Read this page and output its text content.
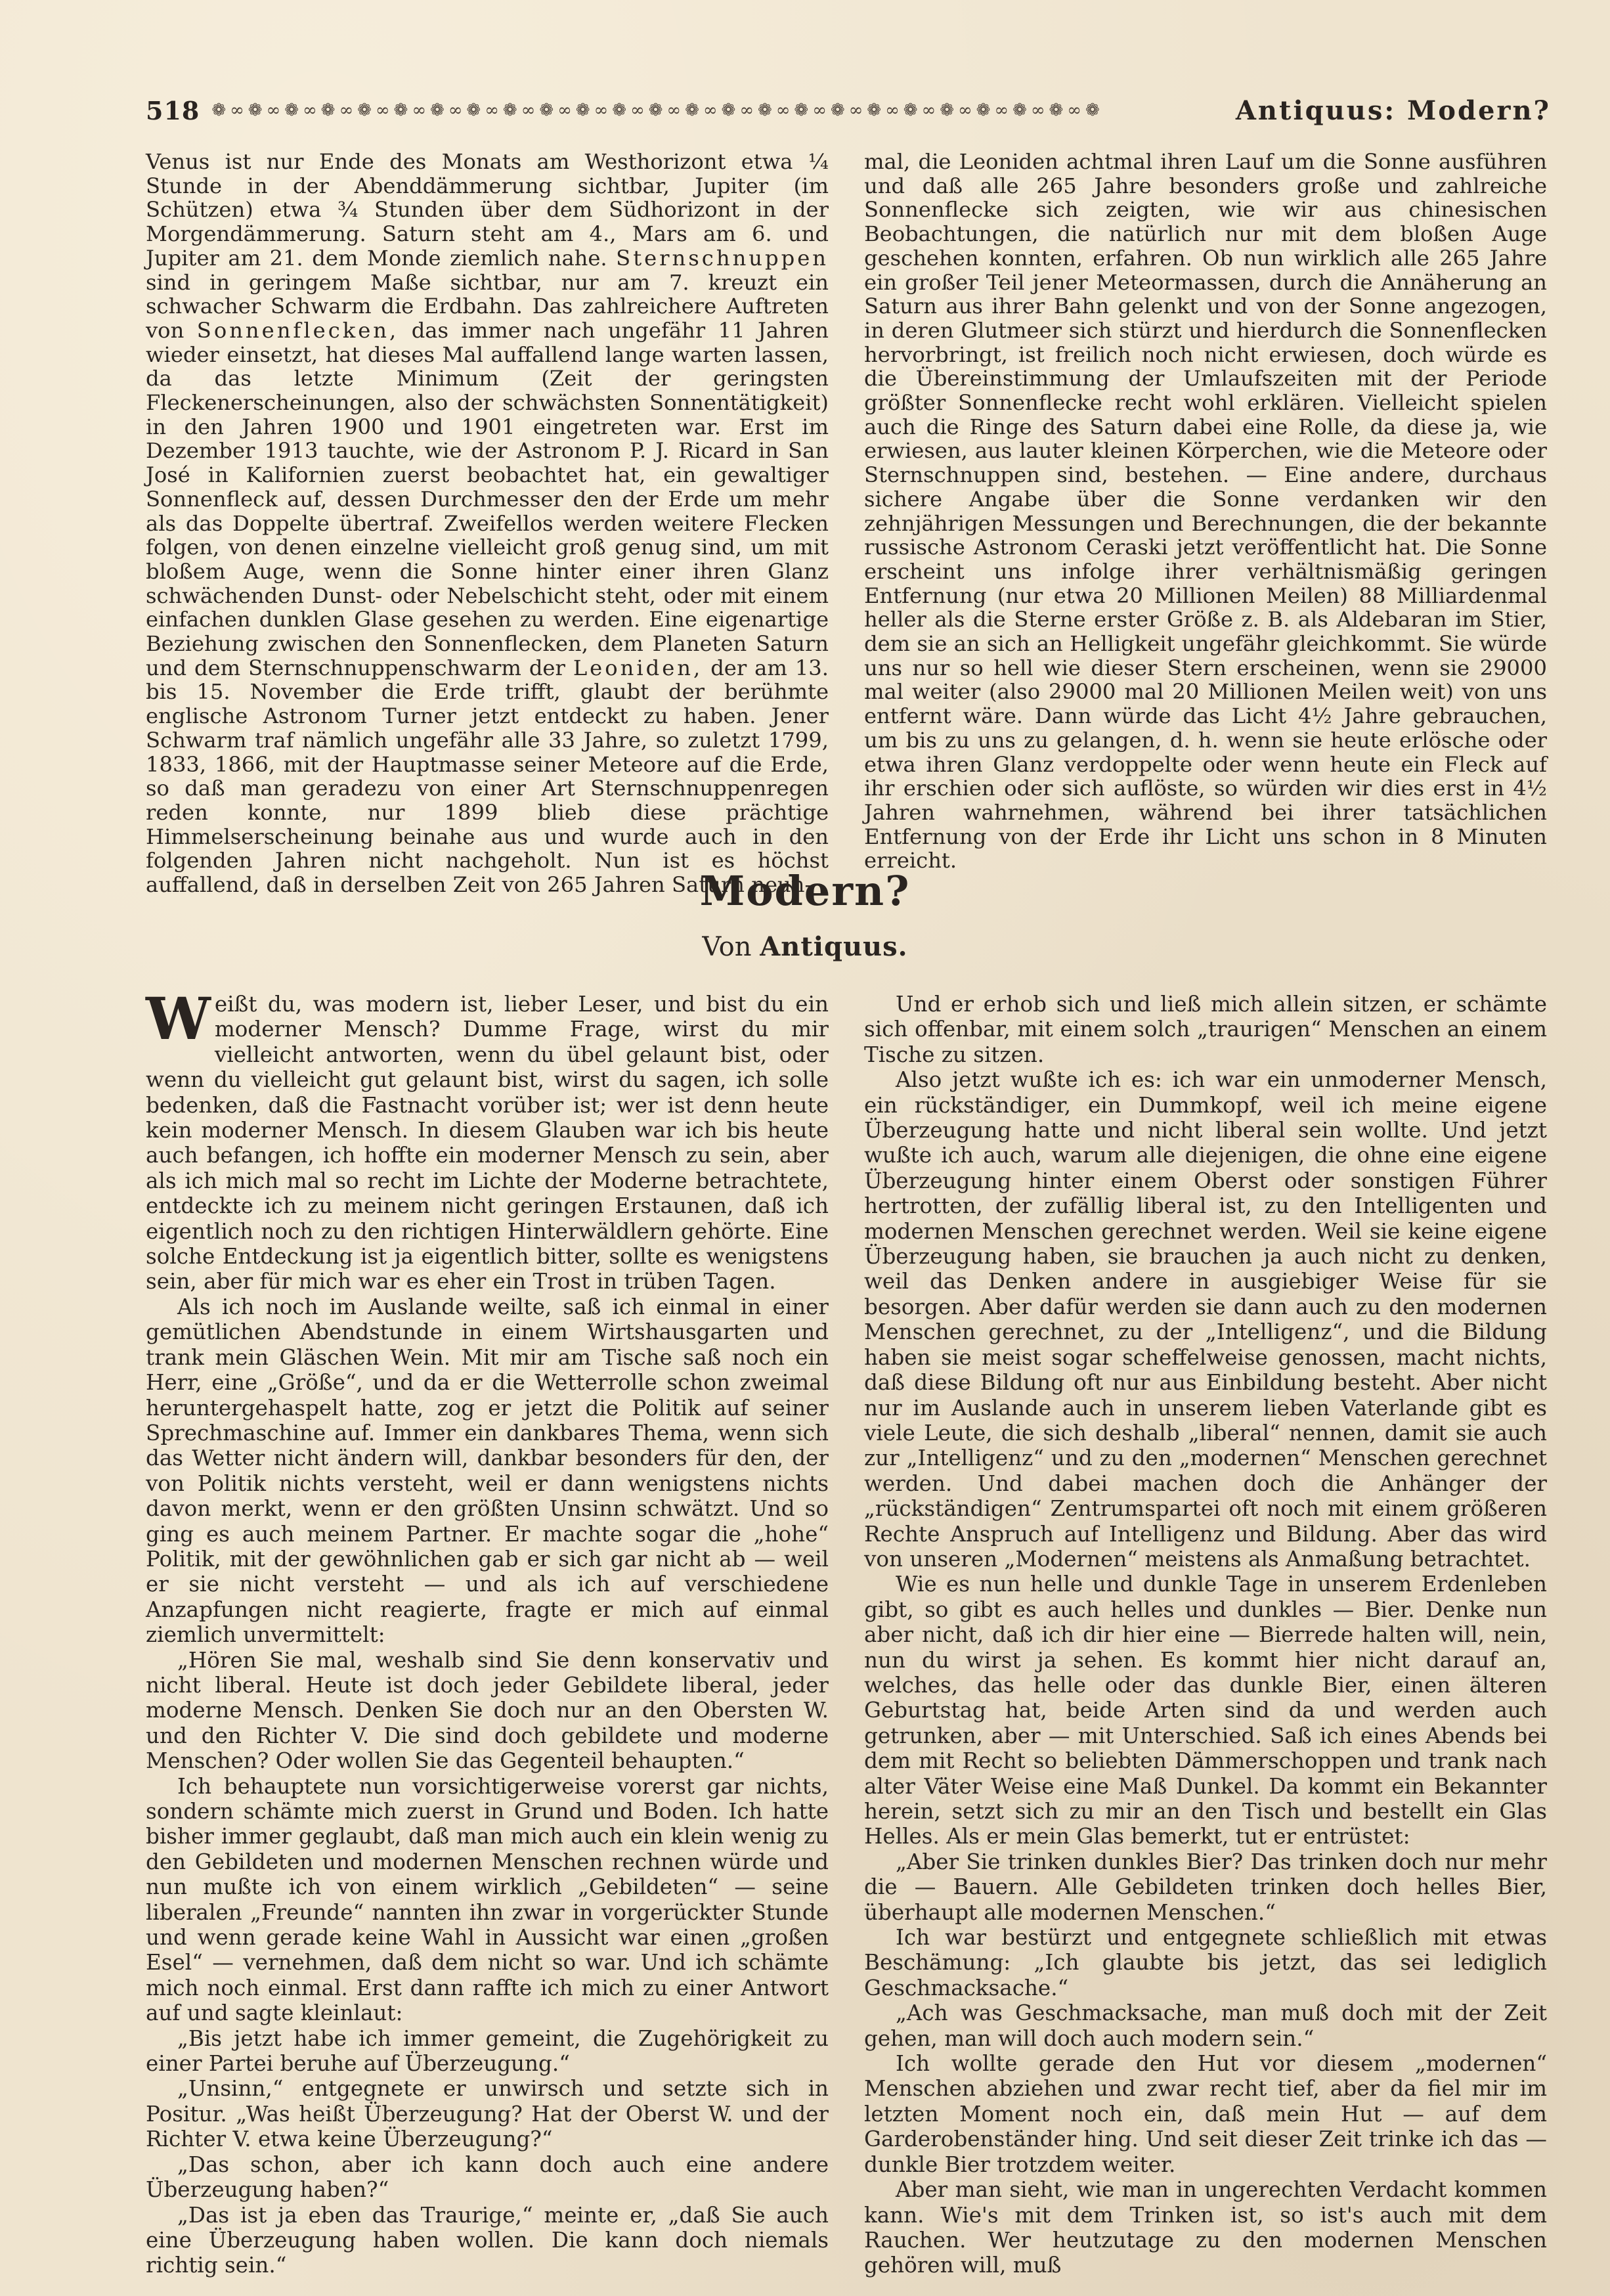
518 ❁∞❁∞❁∞❁∞❁∞❁∞❁∞❁∞❁∞❁∞❁∞❁∞❁∞❁∞❁∞❁∞❁∞❁∞❁∞❁∞❁∞❁∞❁∞❁∞❁	Antiquus: Modern?

Venus ist nur Ende des Monats am Westhorizont etwa ¼ Stunde in der Abenddämmerung sichtbar, Jupiter (im Schützen) etwa ¾ Stunden über dem Südhorizont in der Morgendämmerung. Saturn steht am 4., Mars am 6. und Jupiter am 21. dem Monde ziemlich nahe. Sternschnuppen sind in geringem Maße sichtbar, nur am 7. kreuzt ein schwacher Schwarm die Erdbahn. Das zahlreichere Auftreten von Sonnenflecken, das immer nach ungefähr 11 Jahren wieder einsetzt, hat dieses Mal auffallend lange warten lassen, da das letzte Minimum (Zeit der geringsten Fleckenerscheinungen, also der schwächsten Sonnentätigkeit) in den Jahren 1900 und 1901 eingetreten war. Erst im Dezember 1913 tauchte, wie der Astronom P. J. Ricard in San José in Kalifornien zuerst beobachtet hat, ein gewaltiger Sonnenfleck auf, dessen Durchmesser den der Erde um mehr als das Doppelte übertraf. Zweifellos werden weitere Flecken folgen, von denen einzelne vielleicht groß genug sind, um mit bloßem Auge, wenn die Sonne hinter einer ihren Glanz schwächenden Dunst- oder Nebelschicht steht, oder mit einem einfachen dunklen Glase gesehen zu werden. Eine eigenartige Beziehung zwischen den Sonnenflecken, dem Planeten Saturn und dem Sternschnuppenschwarm der Leoniden, der am 13. bis 15. November die Erde trifft, glaubt der berühmte englische Astronom Turner jetzt entdeckt zu haben. Jener Schwarm traf nämlich ungefähr alle 33 Jahre, so zuletzt 1799, 1833, 1866, mit der Hauptmasse seiner Meteore auf die Erde, so daß man geradezu von einer Art Sternschnuppenregen reden konnte, nur 1899 blieb diese prächtige Himmelserscheinung beinahe aus und wurde auch in den folgenden Jahren nicht nachgeholt. Nun ist es höchst auffallend, daß in derselben Zeit von 265 Jahren Saturn neun-

mal, die Leoniden achtmal ihren Lauf um die Sonne ausführen und daß alle 265 Jahre besonders große und zahlreiche Sonnenflecke sich zeigten, wie wir aus chinesischen Beobachtungen, die natürlich nur mit dem bloßen Auge geschehen konnten, erfahren. Ob nun wirklich alle 265 Jahre ein großer Teil jener Meteormassen, durch die Annäherung an Saturn aus ihrer Bahn gelenkt und von der Sonne angezogen, in deren Glutmeer sich stürzt und hierdurch die Sonnenflecken hervorbringt, ist freilich noch nicht erwiesen, doch würde es die Übereinstimmung der Umlaufszeiten mit der Periode größter Sonnenflecke recht wohl erklären. Vielleicht spielen auch die Ringe des Saturn dabei eine Rolle, da diese ja, wie erwiesen, aus lauter kleinen Körperchen, wie die Meteore oder Sternschnuppen sind, bestehen. — Eine andere, durchaus sichere Angabe über die Sonne verdanken wir den zehnjährigen Messungen und Berechnungen, die der bekannte russische Astronom Ceraski jetzt veröffentlicht hat. Die Sonne erscheint uns infolge ihrer verhältnismäßig geringen Entfernung (nur etwa 20 Millionen Meilen) 88 Milliardenmal heller als die Sterne erster Größe z. B. als Aldebaran im Stier, dem sie an sich an Helligkeit ungefähr gleichkommt. Sie würde uns nur so hell wie dieser Stern erscheinen, wenn sie 29000 mal weiter (also 29000 mal 20 Millionen Meilen weit) von uns entfernt wäre. Dann würde das Licht 4½ Jahre gebrauchen, um bis zu uns zu gelangen, d. h. wenn sie heute erlösche oder etwa ihren Glanz verdoppelte oder wenn heute ein Fleck auf ihr erschien oder sich auflöste, so würden wir dies erst in 4½ Jahren wahrnehmen, während bei ihrer tatsächlichen Entfernung von der Erde ihr Licht uns schon in 8 Minuten erreicht.

Modern?
Von Antiquus.

Weißt du, was modern ist, lieber Leser, und bist du ein moderner Mensch? Dumme Frage, wirst du mir vielleicht antworten, wenn du übel gelaunt bist, oder wenn du vielleicht gut gelaunt bist, wirst du sagen, ich solle bedenken, daß die Fastnacht vorüber ist; wer ist denn heute kein moderner Mensch. In diesem Glauben war ich bis heute auch befangen, ich hoffte ein moderner Mensch zu sein, aber als ich mich mal so recht im Lichte der Moderne betrachtete, entdeckte ich zu meinem nicht geringen Erstaunen, daß ich eigentlich noch zu den richtigen Hinterwäldlern gehörte. Eine solche Entdeckung ist ja eigentlich bitter, sollte es wenigstens sein, aber für mich war es eher ein Trost in trüben Tagen.

Als ich noch im Auslande weilte, saß ich einmal in einer gemütlichen Abendstunde in einem Wirtshausgarten und trank mein Gläschen Wein. Mit mir am Tische saß noch ein Herr, eine „Größe“, und da er die Wetterrolle schon zweimal heruntergehaspelt hatte, zog er jetzt die Politik auf seiner Sprechmaschine auf. Immer ein dankbares Thema, wenn sich das Wetter nicht ändern will, dankbar besonders für den, der von Politik nichts versteht, weil er dann wenigstens nichts davon merkt, wenn er den größten Unsinn schwätzt. Und so ging es auch meinem Partner. Er machte sogar die „hohe“ Politik, mit der gewöhnlichen gab er sich gar nicht ab — weil er sie nicht versteht — und als ich auf verschiedene Anzapfungen nicht reagierte, fragte er mich auf einmal ziemlich unvermittelt:

„Hören Sie mal, weshalb sind Sie denn konservativ und nicht liberal. Heute ist doch jeder Gebildete liberal, jeder moderne Mensch. Denken Sie doch nur an den Obersten W. und den Richter V. Die sind doch gebildete und moderne Menschen? Oder wollen Sie das Gegenteil behaupten.“

Ich behauptete nun vorsichtigerweise vorerst gar nichts, sondern schämte mich zuerst in Grund und Boden. Ich hatte bisher immer geglaubt, daß man mich auch ein klein wenig zu den Gebildeten und modernen Menschen rechnen würde und nun mußte ich von einem wirklich „Gebildeten“ — seine liberalen „Freunde“ nannten ihn zwar in vorgerückter Stunde und wenn gerade keine Wahl in Aussicht war einen „großen Esel“ — vernehmen, daß dem nicht so war. Und ich schämte mich noch einmal. Erst dann raffte ich mich zu einer Antwort auf und sagte kleinlaut:

„Bis jetzt habe ich immer gemeint, die Zugehörigkeit zu einer Partei beruhe auf Überzeugung.“

„Unsinn,“ entgegnete er unwirsch und setzte sich in Positur. „Was heißt Überzeugung? Hat der Oberst W. und der Richter V. etwa keine Überzeugung?“

„Das schon, aber ich kann doch auch eine andere Überzeugung haben?“

„Das ist ja eben das Traurige,“ meinte er, „daß Sie auch eine Überzeugung haben wollen. Die kann doch niemals richtig sein.“

Und er erhob sich und ließ mich allein sitzen, er schämte sich offenbar, mit einem solch „traurigen“ Menschen an einem Tische zu sitzen.

Also jetzt wußte ich es: ich war ein unmoderner Mensch, ein rückständiger, ein Dummkopf, weil ich meine eigene Überzeugung hatte und nicht liberal sein wollte. Und jetzt wußte ich auch, warum alle diejenigen, die ohne eine eigene Überzeugung hinter einem Oberst oder sonstigen Führer hertrotten, der zufällig liberal ist, zu den Intelligenten und modernen Menschen gerechnet werden. Weil sie keine eigene Überzeugung haben, sie brauchen ja auch nicht zu denken, weil das Denken andere in ausgiebiger Weise für sie besorgen. Aber dafür werden sie dann auch zu den modernen Menschen gerechnet, zu der „Intelligenz“, und die Bildung haben sie meist sogar scheffelweise genossen, macht nichts, daß diese Bildung oft nur aus Einbildung besteht. Aber nicht nur im Auslande auch in unserem lieben Vaterlande gibt es viele Leute, die sich deshalb „liberal“ nennen, damit sie auch zur „Intelligenz“ und zu den „modernen“ Menschen gerechnet werden. Und dabei machen doch die Anhänger der „rückständigen“ Zentrumspartei oft noch mit einem größeren Rechte Anspruch auf Intelligenz und Bildung. Aber das wird von unseren „Modernen“ meistens als Anmaßung betrachtet.

Wie es nun helle und dunkle Tage in unserem Erdenleben gibt, so gibt es auch helles und dunkles — Bier. Denke nun aber nicht, daß ich dir hier eine — Bierrede halten will, nein, nun du wirst ja sehen. Es kommt hier nicht darauf an, welches, das helle oder das dunkle Bier, einen älteren Geburtstag hat, beide Arten sind da und werden auch getrunken, aber — mit Unterschied. Saß ich eines Abends bei dem mit Recht so beliebten Dämmerschoppen und trank nach alter Väter Weise eine Maß Dunkel. Da kommt ein Bekannter herein, setzt sich zu mir an den Tisch und bestellt ein Glas Helles. Als er mein Glas bemerkt, tut er entrüstet:

„Aber Sie trinken dunkles Bier? Das trinken doch nur mehr die — Bauern. Alle Gebildeten trinken doch helles Bier, überhaupt alle modernen Menschen.“

Ich war bestürzt und entgegnete schließlich mit etwas Beschämung: „Ich glaubte bis jetzt, das sei lediglich Geschmacksache.“

„Ach was Geschmacksache, man muß doch mit der Zeit gehen, man will doch auch modern sein.“

Ich wollte gerade den Hut vor diesem „modernen“ Menschen abziehen und zwar recht tief, aber da fiel mir im letzten Moment noch ein, daß mein Hut — auf dem Garderobenständer hing. Und seit dieser Zeit trinke ich das — dunkle Bier trotzdem weiter.

Aber man sieht, wie man in ungerechten Verdacht kommen kann. Wie's mit dem Trinken ist, so ist's auch mit dem Rauchen. Wer heutzutage zu den modernen Menschen gehören will, muß
